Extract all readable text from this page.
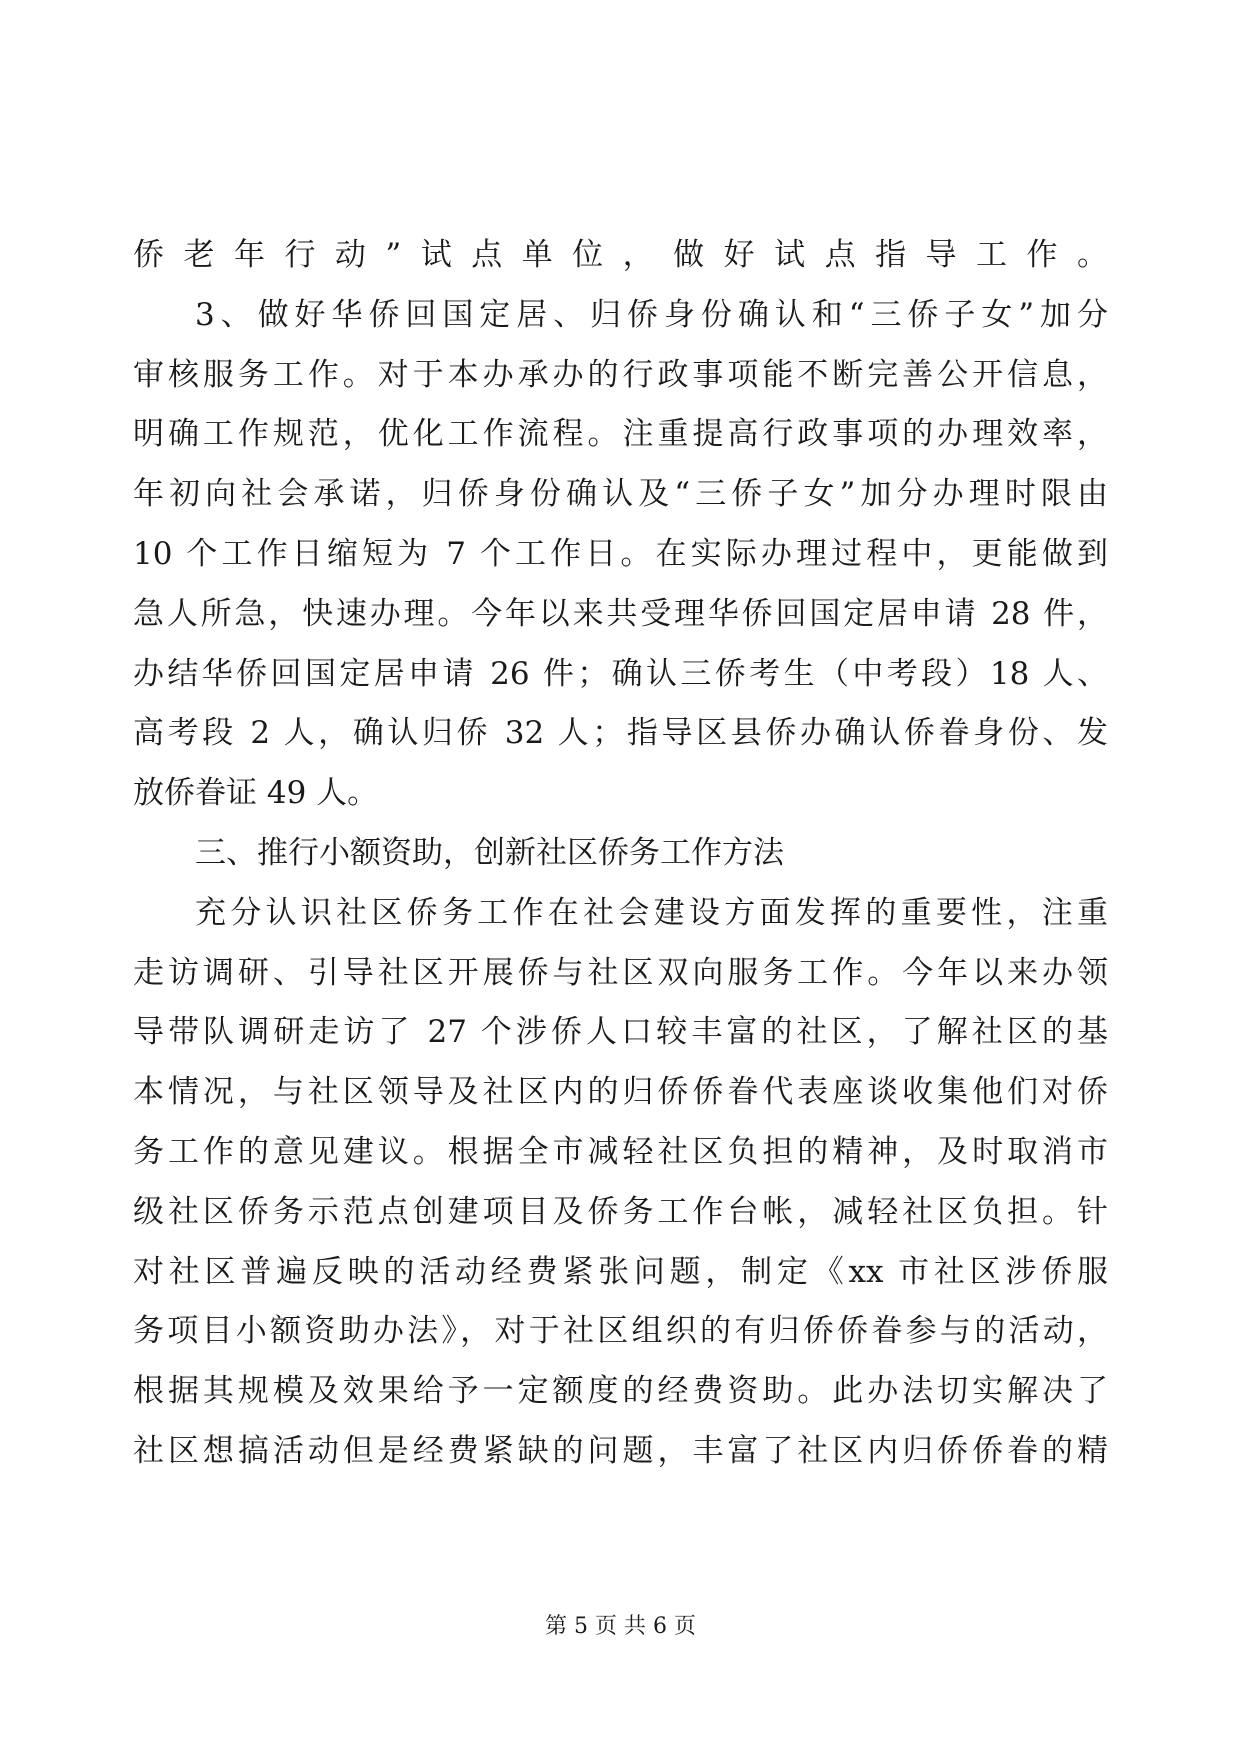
侨老年行动”试点单位，做好试点指导工作。
3、做好华侨回国定居、归侨身份确认和“三侨子女”加分
审核服务工作。对于本办承办的行政事项能不断完善公开信息，
明确工作规范，优化工作流程。注重提高行政事项的办理效率，
年初向社会承诺，归侨身份确认及“三侨子女”加分办理时限由
10 个工作日缩短为 7 个工作日。在实际办理过程中，更能做到
急人所急，快速办理。今年以来共受理华侨回国定居申请 28 件，
办结华侨回国定居申请 26 件；确认三侨考生（中考段）18 人、
高考段 2 人，确认归侨 32 人；指导区县侨办确认侨眷身份、发
放侨眷证 49 人。
三、推行小额资助，创新社区侨务工作方法
充分认识社区侨务工作在社会建设方面发挥的重要性，注重
走访调研、引导社区开展侨与社区双向服务工作。今年以来办领
导带队调研走访了 27 个涉侨人口较丰富的社区，了解社区的基
本情况，与社区领导及社区内的归侨侨眷代表座谈收集他们对侨
务工作的意见建议。根据全市减轻社区负担的精神，及时取消市
级社区侨务示范点创建项目及侨务工作台帐，减轻社区负担。针
对社区普遍反映的活动经费紧张问题，制定《xx 市社区涉侨服
务项目小额资助办法》，对于社区组织的有归侨侨眷参与的活动，
根据其规模及效果给予一定额度的经费资助。此办法切实解决了
社区想搞活动但是经费紧缺的问题，丰富了社区内归侨侨眷的精
第 5 页 共 6 页
